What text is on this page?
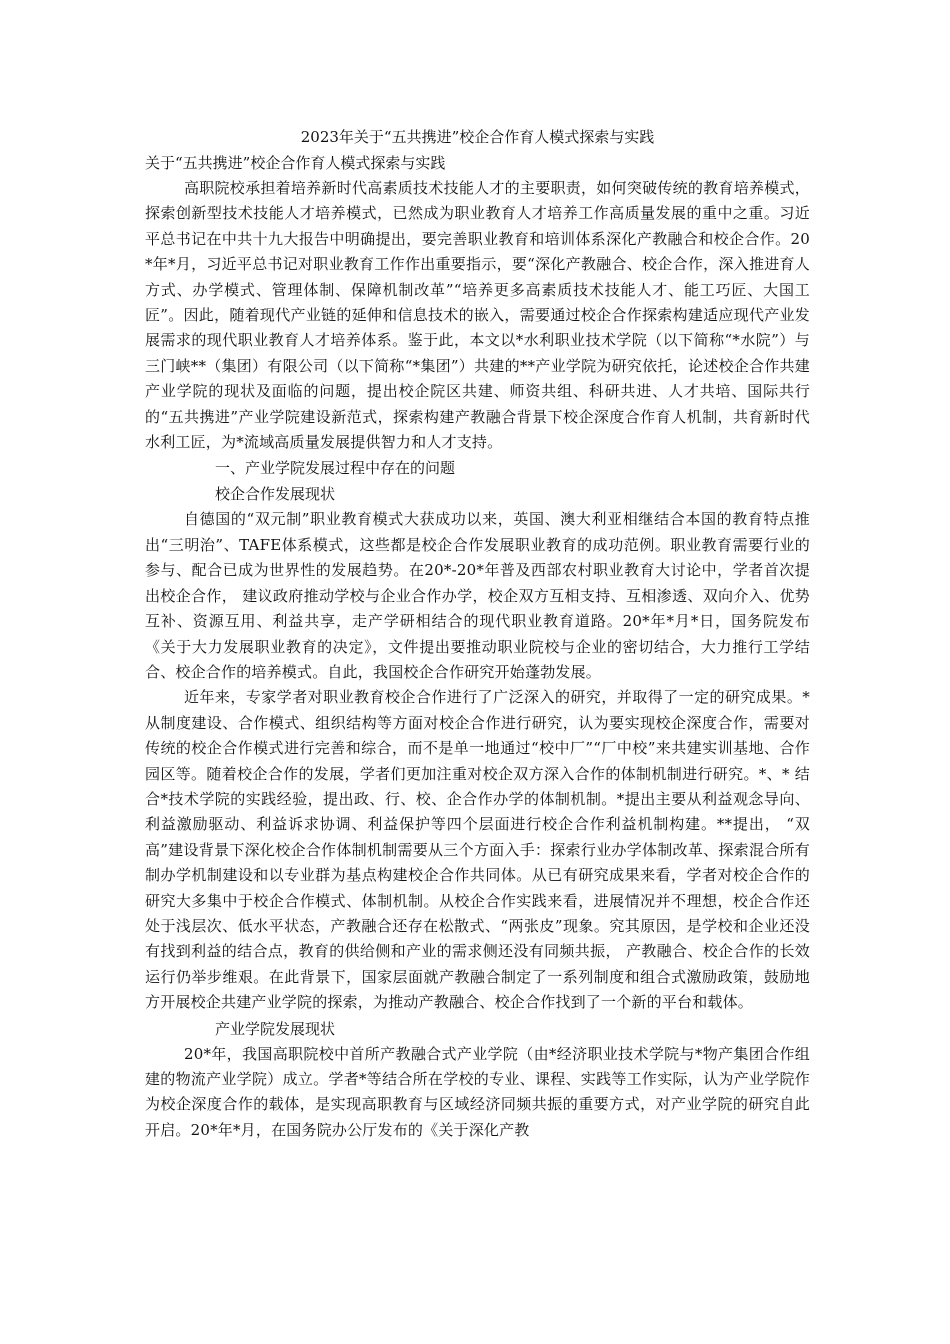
2023年关于“五共携进”校企合作育人模式探索与实践

关于“五共携进”校企合作育人模式探索与实践

高职院校承担着培养新时代高素质技术技能人才的主要职责，如何突破传统的教育培养模式，探索创新型技术技能人才培养模式，已然成为职业教育人才培养工作高质量发展的重中之重。习近平总书记在中共十九大报告中明确提出，要完善职业教育和培训体系深化产教融合和校企合作。20*年*月，习近平总书记对职业教育工作作出重要指示，要“深化产教融合、校企合作，深入推进育人方式、办学模式、管理体制、保障机制改革”“培养更多高素质技术技能人才、能工巧匠、大国工匠”。因此，随着现代产业链的延伸和信息技术的嵌入，需要通过校企合作探索构建适应现代产业发展需求的现代职业教育人才培养体系。鉴于此，本文以*水利职业技术学院（以下简称“*水院”）与三门峡**（集团）有限公司（以下简称“*集团”）共建的**产业学院为研究依托，论述校企合作共建产业学院的现状及面临的问题，提出校企院区共建、师资共组、科研共进、人才共培、国际共行的“五共携进”产业学院建设新范式，探索构建产教融合背景下校企深度合作育人机制，共育新时代水利工匠，为*流域高质量发展提供智力和人才支持。

一、产业学院发展过程中存在的问题

校企合作发展现状

自德国的“双元制”职业教育模式大获成功以来，英国、澳大利亚相继结合本国的教育特点推出“三明治”、TAFE体系模式，这些都是校企合作发展职业教育的成功范例。职业教育需要行业的参与、配合已成为世界性的发展趋势。在20*-20*年普及西部农村职业教育大讨论中，学者首次提出校企合作， 建议政府推动学校与企业合作办学，校企双方互相支持、互相渗透、双向介入、优势互补、资源互用、利益共享，走产学研相结合的现代职业教育道路。20*年*月*日，国务院发布《关于大力发展职业教育的决定》，文件提出要推动职业院校与企业的密切结合，大力推行工学结合、校企合作的培养模式。自此，我国校企合作研究开始蓬勃发展。

近年来，专家学者对职业教育校企合作进行了广泛深入的研究，并取得了一定的研究成果。*从制度建设、合作模式、组织结构等方面对校企合作进行研究，认为要实现校企深度合作，需要对传统的校企合作模式进行完善和综合，而不是单一地通过“校中厂”“厂中校”来共建实训基地、合作园区等。随着校企合作的发展，学者们更加注重对校企双方深入合作的体制机制进行研究。*、* 结合*技术学院的实践经验，提出政、行、校、企合作办学的体制机制。*提出主要从利益观念导向、利益激励驱动、利益诉求协调、利益保护等四个层面进行校企合作利益机制构建。**提出， “双高”建设背景下深化校企合作体制机制需要从三个方面入手：探索行业办学体制改革、探索混合所有制办学机制建设和以专业群为基点构建校企合作共同体。从已有研究成果来看，学者对校企合作的研究大多集中于校企合作模式、体制机制。从校企合作实践来看，进展情况并不理想，校企合作还处于浅层次、低水平状态，产教融合还存在松散式、“两张皮”现象。究其原因，是学校和企业还没有找到利益的结合点，教育的供给侧和产业的需求侧还没有同频共振， 产教融合、校企合作的长效运行仍举步维艰。在此背景下，国家层面就产教融合制定了一系列制度和组合式激励政策，鼓励地方开展校企共建产业学院的探索，为推动产教融合、校企合作找到了一个新的平台和载体。

产业学院发展现状

20*年，我国高职院校中首所产教融合式产业学院（由*经济职业技术学院与*物产集团合作组建的物流产业学院）成立。学者*等结合所在学校的专业、课程、实践等工作实际，认为产业学院作为校企深度合作的载体，是实现高职教育与区域经济同频共振的重要方式，对产业学院的研究自此开启。20*年*月，在国务院办公厅发布的《关于深化产教
